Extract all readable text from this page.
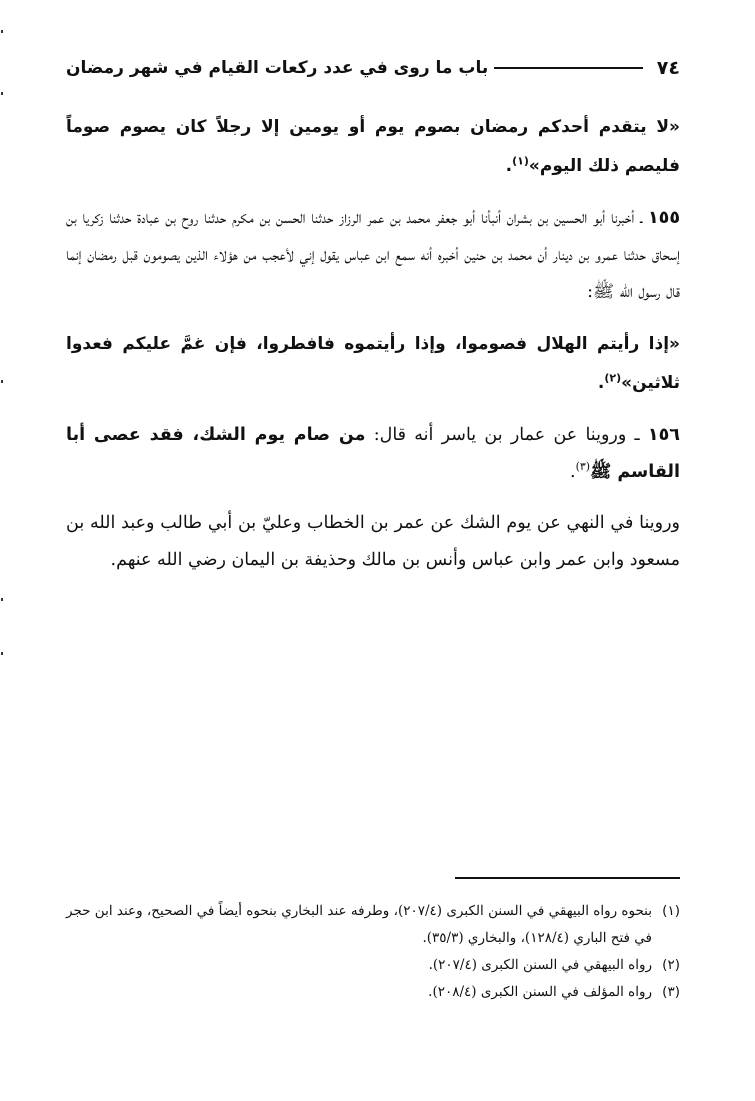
٧٤
باب ما روى في عدد ركعات القيام في شهر رمضان

«لا يتقدم أحدكم رمضان بصوم يوم أو يومين إلا رجلاً كان يصوم صوماً فليصم ذلك اليوم»$^{(١)}$.

١٥٥ ـ أخبرنا أبو الحسين بن بشران أنبأنا أبو جعفر محمد بن عمر الرزاز حدثنا الحسن بن مكرم حدثنا روح بن عبادة حدثنا زكريا بن إسحاق حدثنا عمرو بن دينار أن محمد بن حنين أخبره أنه سمع ابن عباس يقول إني لأعجب من هؤلاء الذين يصومون قبل رمضان إنما قال رسول الله ﷺ:

«إذا رأيتم الهلال فصوموا، وإذا رأيتموه فافطروا، فإن غمَّ عليكم فعدوا ثلاثين»$^{(٢)}$.

١٥٦ ـ وروينا عن عمار بن ياسر أنه قال: من صام يوم الشك، فقد عصى أبا القاسم ﷺ$^{(٣)}$.

وروينا في النهي عن يوم الشك عن عمر بن الخطاب وعليّ بن أبي طالب وعبد الله بن مسعود وابن عمر وابن عباس وأنس بن مالك وحذيفة بن اليمان رضي الله عنهم.

(١)
بنحوه رواه البيهقي في السنن الكبرى (٢٠٧/٤)، وطرفه عند البخاري بنحوه أيضاً في الصحيح، وعند ابن حجر في فتح الباري (١٢٨/٤)، والبخاري (٣٥/٣).
(٢)
رواه البيهقي في السنن الكبرى (٢٠٧/٤).
(٣)
رواه المؤلف في السنن الكبرى (٢٠٨/٤).
